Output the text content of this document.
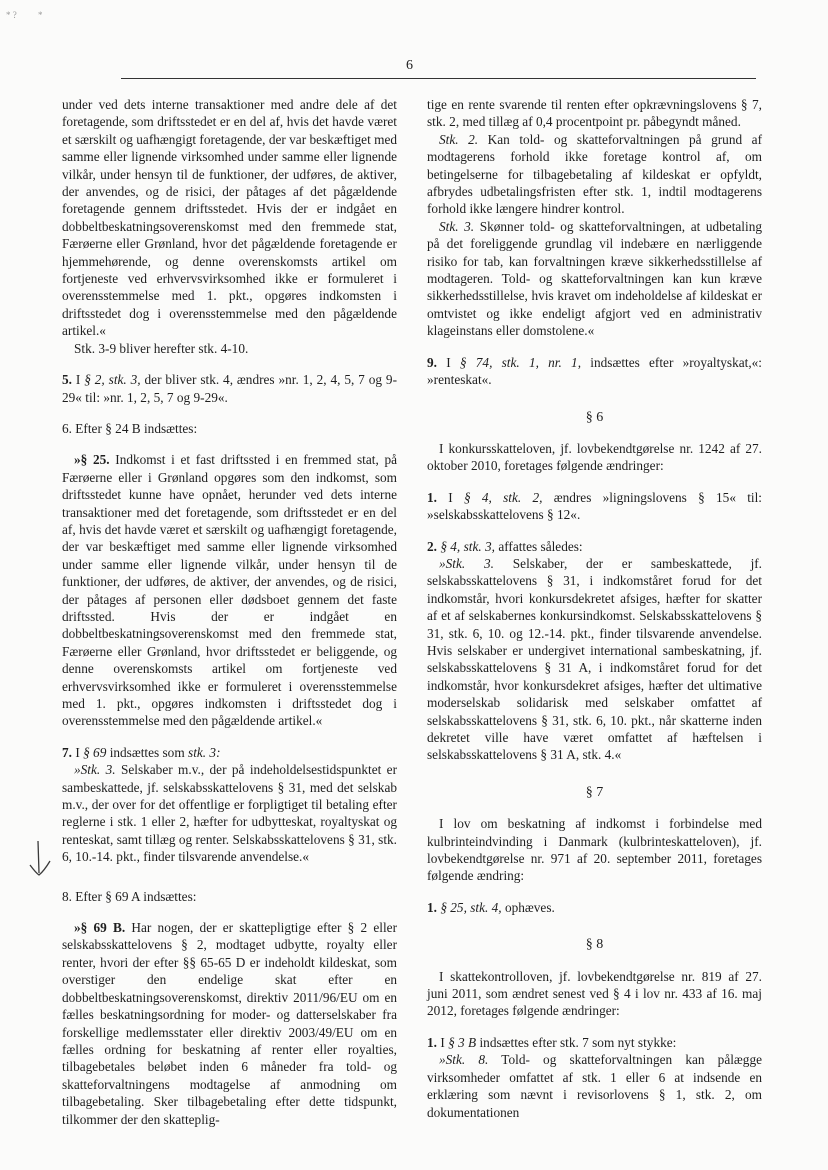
* ? *
6

under ved dets interne transaktioner med andre dele af det foretagende, som driftsstedet er en del af, hvis det havde været et særskilt og uafhængigt foretagende, der var beskæftiget med samme eller lignende virksomhed under samme eller lignende vilkår, under hensyn til de funktioner, der udføres, de aktiver, der anvendes, og de risici, der påtages af det pågældende foretagende gennem driftsstedet. Hvis der er indgået en dobbeltbeskatningsoverenskomst med den fremmede stat, Færøerne eller Grønland, hvor det pågældende foretagende er hjemmehørende, og denne overenskomsts artikel om fortjeneste ved erhvervsvirksomhed ikke er formuleret i overensstemmelse med 1. pkt., opgøres indkomsten i driftsstedet dog i overensstemmelse med den pågældende artikel.«

Stk. 3-9 bliver herefter stk. 4-10.

5. I § 2, stk. 3, der bliver stk. 4, ændres »nr. 1, 2, 4, 5, 7 og 9-29« til: »nr. 1, 2, 5, 7 og 9-29«.

6. Efter § 24 B indsættes:

»§ 25. Indkomst i et fast driftssted i en fremmed stat, på Færøerne eller i Grønland opgøres som den indkomst, som driftsstedet kunne have opnået, herunder ved dets interne transaktioner med det foretagende, som driftsstedet er en del af, hvis det havde været et særskilt og uafhængigt foretagende, der var beskæftiget med samme eller lignende virksomhed under samme eller lignende vilkår, under hensyn til de funktioner, der udføres, de aktiver, der anvendes, og de risici, der påtages af personen eller dødsboet gennem det faste driftssted. Hvis der er indgået en dobbeltbeskatningsoverenskomst med den fremmede stat, Færøerne eller Grønland, hvor driftsstedet er beliggende, og denne overenskomsts artikel om fortjeneste ved erhvervsvirksomhed ikke er formuleret i overensstemmelse med 1. pkt., opgøres indkomsten i driftsstedet dog i overensstemmelse med den pågældende artikel.«

7. I § 69 indsættes som stk. 3:

»Stk. 3. Selskaber m.v., der på indeholdelsestidspunktet er sambeskattede, jf. selskabsskattelovens § 31, med det selskab m.v., der over for det offentlige er forpligtiget til betaling efter reglerne i stk. 1 eller 2, hæfter for udbytteskat, royaltyskat og renteskat, samt tillæg og renter. Selskabsskattelovens § 31, stk. 6, 10.-14. pkt., finder tilsvarende anvendelse.«

8. Efter § 69 A indsættes:

»§ 69 B. Har nogen, der er skattepligtige efter § 2 eller selskabsskattelovens § 2, modtaget udbytte, royalty eller renter, hvori der efter §§ 65-65 D er indeholdt kildeskat, som overstiger den endelige skat efter en dobbeltbeskatningsoverenskomst, direktiv 2011/96/EU om en fælles beskatningsordning for moder- og datterselskaber fra forskellige medlemsstater eller direktiv 2003/49/EU om en fælles ordning for beskatning af renter eller royalties, tilbagebetales beløbet inden 6 måneder fra told- og skatteforvaltningens modtagelse af anmodning om tilbagebetaling. Sker tilbagebetaling efter dette tidspunkt, tilkommer der den skatteplig-

tige en rente svarende til renten efter opkrævningslovens § 7, stk. 2, med tillæg af 0,4 procentpoint pr. påbegyndt måned.

Stk. 2. Kan told- og skatteforvaltningen på grund af modtagerens forhold ikke foretage kontrol af, om betingelserne for tilbagebetaling af kildeskat er opfyldt, afbrydes udbetalingsfristen efter stk. 1, indtil modtagerens forhold ikke længere hindrer kontrol.

Stk. 3. Skønner told- og skatteforvaltningen, at udbetaling på det foreliggende grundlag vil indebære en nærliggende risiko for tab, kan forvaltningen kræve sikkerhedsstillelse af modtageren. Told- og skatteforvaltningen kan kun kræve sikkerhedsstillelse, hvis kravet om indeholdelse af kildeskat er omtvistet og ikke endeligt afgjort ved en administrativ klageinstans eller domstolene.«

9. I § 74, stk. 1, nr. 1, indsættes efter »royaltyskat,«: »renteskat«.

§ 6

I konkursskatteloven, jf. lovbekendtgørelse nr. 1242 af 27. oktober 2010, foretages følgende ændringer:

1. I § 4, stk. 2, ændres »ligningslovens § 15« til: »selskabsskattelovens § 12«.

2. § 4, stk. 3, affattes således:

»Stk. 3. Selskaber, der er sambeskattede, jf. selskabsskattelovens § 31, i indkomståret forud for det indkomstår, hvori konkursdekretet afsiges, hæfter for skatter af et af selskabernes konkursindkomst. Selskabsskattelovens § 31, stk. 6, 10. og 12.-14. pkt., finder tilsvarende anvendelse. Hvis selskaber er undergivet international sambeskatning, jf. selskabsskattelovens § 31 A, i indkomståret forud for det indkomstår, hvor konkursdekret afsiges, hæfter det ultimative moderselskab solidarisk med selskaber omfattet af selskabsskattelovens § 31, stk. 6, 10. pkt., når skatterne inden dekretet ville have været omfattet af hæftelsen i selskabsskattelovens § 31 A, stk. 4.«

§ 7

I lov om beskatning af indkomst i forbindelse med kulbrinteindvinding i Danmark (kulbrinteskatteloven), jf. lovbekendtgørelse nr. 971 af 20. september 2011, foretages følgende ændring:

1. § 25, stk. 4, ophæves.

§ 8

I skattekontrolloven, jf. lovbekendtgørelse nr. 819 af 27. juni 2011, som ændret senest ved § 4 i lov nr. 433 af 16. maj 2012, foretages følgende ændringer:

1. I § 3 B indsættes efter stk. 7 som nyt stykke:

»Stk. 8. Told- og skatteforvaltningen kan pålægge virksomheder omfattet af stk. 1 eller 6 at indsende en erklæring som nævnt i revisorlovens § 1, stk. 2, om dokumentationen
